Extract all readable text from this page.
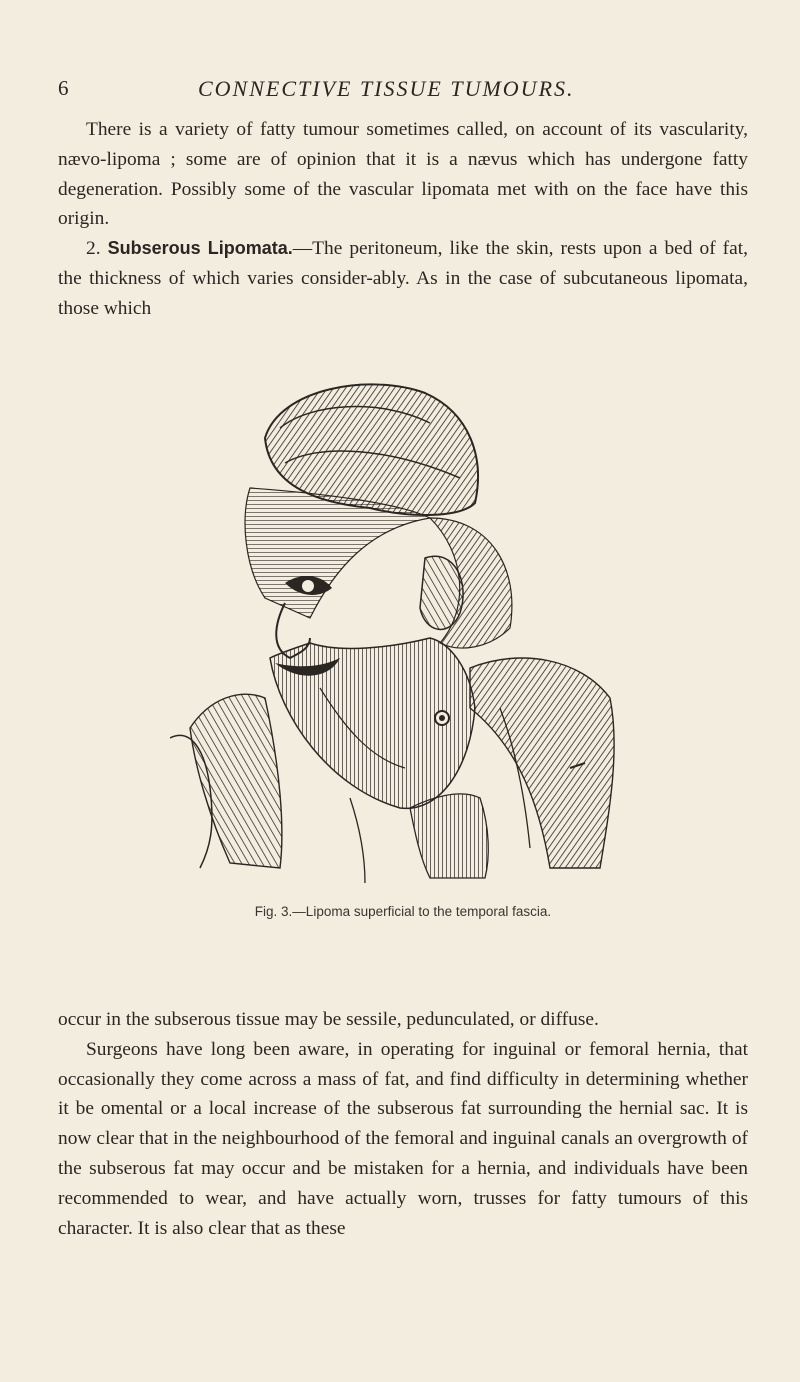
6	CONNECTIVE TISSUE TUMOURS.

There is a variety of fatty tumour sometimes called, on account of its vascularity, nævo-lipoma ; some are of opinion that it is a nævus which has undergone fatty degeneration. Possibly some of the vascular lipomata met with on the face have this origin.

2. Subserous Lipomata.—The peritoneum, like the skin, rests upon a bed of fat, the thickness of which varies consider-ably. As in the case of subcutaneous lipomata, those which

Fig. 3.—Lipoma superficial to the temporal fascia.

occur in the subserous tissue may be sessile, pedunculated, or diffuse.

Surgeons have long been aware, in operating for inguinal or femoral hernia, that occasionally they come across a mass of fat, and find difficulty in determining whether it be omental or a local increase of the subserous fat surrounding the hernial sac. It is now clear that in the neighbourhood of the femoral and inguinal canals an overgrowth of the subserous fat may occur and be mistaken for a hernia, and individuals have been recommended to wear, and have actually worn, trusses for fatty tumours of this character. It is also clear that as these
